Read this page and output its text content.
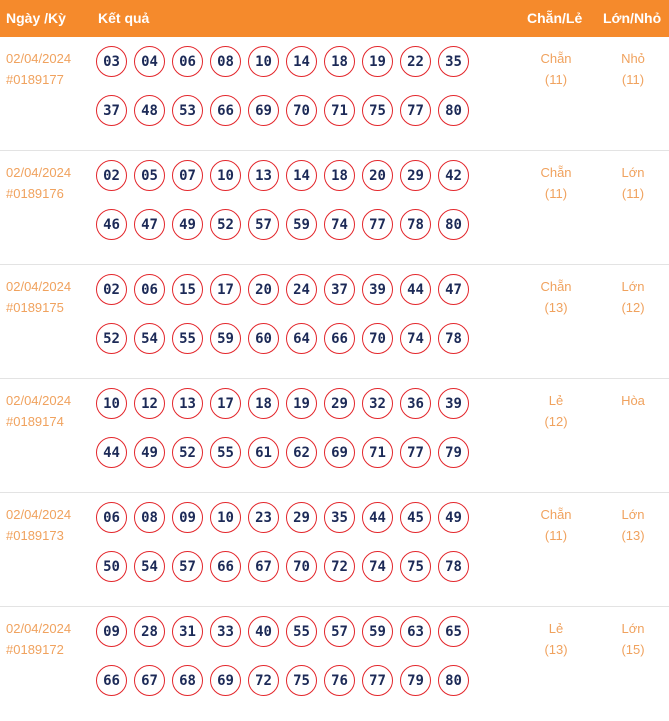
Ngày /Kỳ Kết quả	Chẵn/Lẻ Lớn/Nhỏ
02/04/2024
#0189177
03	04	06	08	10	14	18	19	22	35
37	48	53	66	69	70	71	75	77	80
Chẵn
(11)
Nhỏ
(11)
02/04/2024
#0189176
02	05	07	10	13	14	18	20	29	42
46	47	49	52	57	59	74	77	78	80
Chẵn
(11)
Lớn
(11)
02/04/2024
#0189175
02	06	15	17	20	24	37	39	44	47
52	54	55	59	60	64	66	70	74	78
Chẵn
(13)
Lớn
(12)
02/04/2024
#0189174
10	12	13	17	18	19	29	32	36	39
44	49	52	55	61	62	69	71	77	79
Lẻ
(12)
Hòa
02/04/2024
#0189173
06	08	09	10	23	29	35	44	45	49
50	54	57	66	67	70	72	74	75	78
Chẵn
(11)
Lớn
(13)
02/04/2024
#0189172
09	28	31	33	40	55	57	59	63	65
66	67	68	69	72	75	76	77	79	80
Lẻ
(13)
Lớn
(15)
